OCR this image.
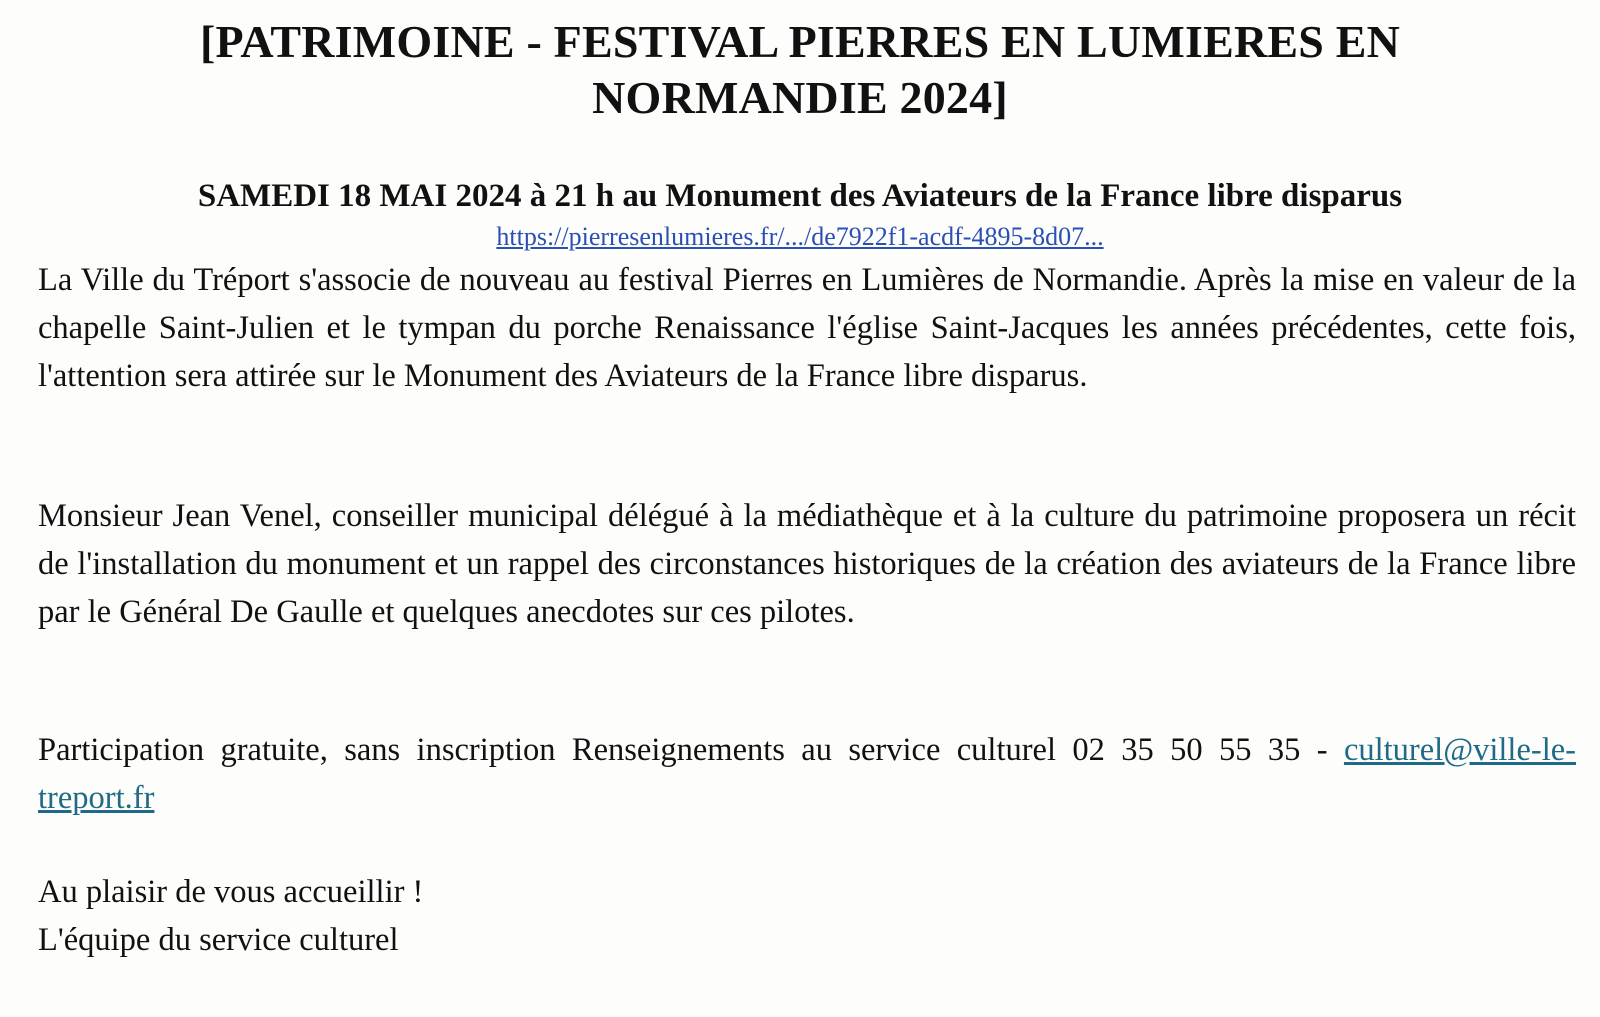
[PATRIMOINE - FESTIVAL PIERRES EN LUMIERES EN NORMANDIE 2024]
SAMEDI 18 MAI 2024 à 21 h au Monument des Aviateurs de la France libre disparus
https://pierresenlumieres.fr/.../de7922f1-acdf-4895-8d07...

La Ville du Tréport s'associe de nouveau au festival Pierres en Lumières de Normandie. Après la mise en valeur de la chapelle Saint-Julien et le tympan du porche Renaissance l'église Saint-Jacques les années précédentes, cette fois, l'attention sera attirée sur le Monument des Aviateurs de la France libre disparus.

Monsieur Jean Venel, conseiller municipal délégué à la médiathèque et à la culture du patrimoine proposera un récit de l'installation du monument et un rappel des circonstances historiques de la création des aviateurs de la France libre par le Général De Gaulle et quelques anecdotes sur ces pilotes.

Participation gratuite, sans inscription Renseignements au service culturel 02 35 50 55 35 - culturel@ville-le-treport.fr

Au plaisir de vous accueillir !
L'équipe du service culturel
